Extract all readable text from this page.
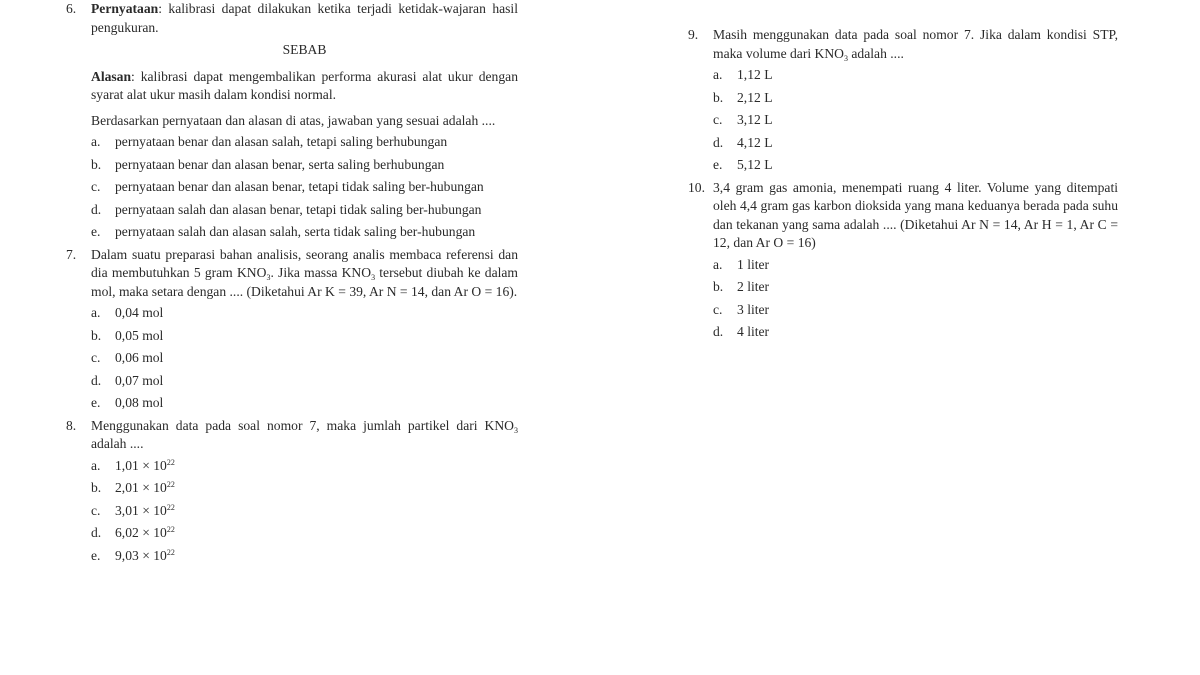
6. Pernyataan: kalibrasi dapat dilakukan ketika terjadi ketidak-wajaran hasil pengukuran.
SEBAB
Alasan: kalibrasi dapat mengembalikan performa akurasi alat ukur dengan syarat alat ukur masih dalam kondisi normal.
Berdasarkan pernyataan dan alasan di atas, jawaban yang sesuai adalah ....
a. pernyataan benar dan alasan salah, tetapi saling berhubungan
b. pernyataan benar dan alasan benar, serta saling berhubungan
c. pernyataan benar dan alasan benar, tetapi tidak saling ber-hubungan
d. pernyataan salah dan alasan benar, tetapi tidak saling ber-hubungan
e. pernyataan salah dan alasan salah, serta tidak saling ber-hubungan
7. Dalam suatu preparasi bahan analisis, seorang analis membaca referensi dan dia membutuhkan 5 gram $KNO_3$. Jika massa $KNO_3$ tersebut diubah ke dalam mol, maka setara dengan .... (Diketahui Ar K = 39, Ar N = 14, dan Ar O = 16).
a. 0,04 mol
b. 0,05 mol
c. 0,06 mol
d. 0,07 mol
e. 0,08 mol
8. Menggunakan data pada soal nomor 7, maka jumlah partikel dari $KNO_3$ adalah ....
a. $1,01 \times 10^{22}$
b. $2,01 \times 10^{22}$
c. $3,01 \times 10^{22}$
d. $6,02 \times 10^{22}$
e. $9,03 \times 10^{22}$
9. Masih menggunakan data pada soal nomor 7. Jika dalam kondisi STP, maka volume dari $KNO_3$ adalah ....
a. 1,12 L
b. 2,12 L
c. 3,12 L
d. 4,12 L
e. 5,12 L
10. 3,4 gram gas amonia, menempati ruang 4 liter. Volume yang ditempati oleh 4,4 gram gas karbon dioksida yang mana keduanya berada pada suhu dan tekanan yang sama adalah .... (Diketahui Ar N = 14, Ar H = 1, Ar C = 12, dan Ar O = 16)
a. 1 liter
b. 2 liter
c. 3 liter
d. 4 liter
